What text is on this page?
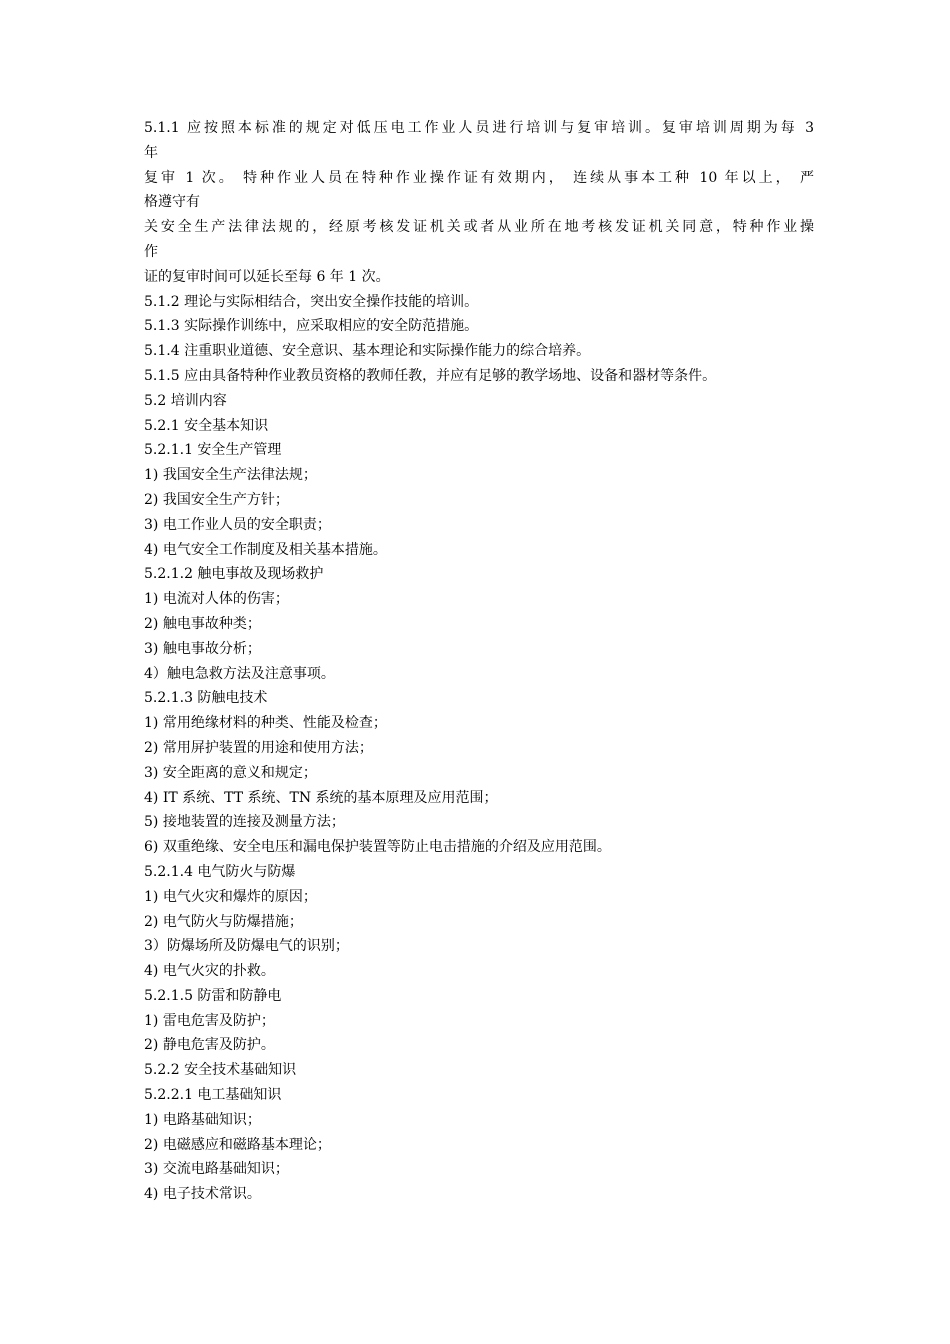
5.1.1 应按照本标准的规定对低压电工作业人员进行培训与复审培训。复审培训周期为每 3
年
复审 1 次。 特种作业人员在特种作业操作证有效期内， 连续从事本工种 10 年以上， 严
格遵守有
关安全生产法律法规的，经原考核发证机关或者从业所在地考核发证机关同意，特种作业操
作
证的复审时间可以延长至每 6 年 1 次。
5.1.2 理论与实际相结合，突出安全操作技能的培训。
5.1.3 实际操作训练中，应采取相应的安全防范措施。
5.1.4 注重职业道德、安全意识、基本理论和实际操作能力的综合培养。
5.1.5 应由具备特种作业教员资格的教师任教，并应有足够的教学场地、设备和器材等条件。
5.2 培训内容
5.2.1 安全基本知识
5.2.1.1 安全生产管理
1) 我国安全生产法律法规；
2) 我国安全生产方针；
3) 电工作业人员的安全职责；
4) 电气安全工作制度及相关基本措施。
5.2.1.2 触电事故及现场救护
1) 电流对人体的伤害；
2) 触电事故种类；
3) 触电事故分析；
4）触电急救方法及注意事项。
5.2.1.3 防触电技术
1) 常用绝缘材料的种类、性能及检查；
2) 常用屏护装置的用途和使用方法；
3) 安全距离的意义和规定；
4) IT 系统、TT 系统、TN 系统的基本原理及应用范围；
5) 接地装置的连接及测量方法；
6) 双重绝缘、安全电压和漏电保护装置等防止电击措施的介绍及应用范围。
5.2.1.4 电气防火与防爆
1) 电气火灾和爆炸的原因；
2) 电气防火与防爆措施；
3）防爆场所及防爆电气的识别；
4) 电气火灾的扑救。
5.2.1.5 防雷和防静电
1) 雷电危害及防护；
2) 静电危害及防护。
5.2.2 安全技术基础知识
5.2.2.1 电工基础知识
1) 电路基础知识；
2) 电磁感应和磁路基本理论；
3) 交流电路基础知识；
4) 电子技术常识。
